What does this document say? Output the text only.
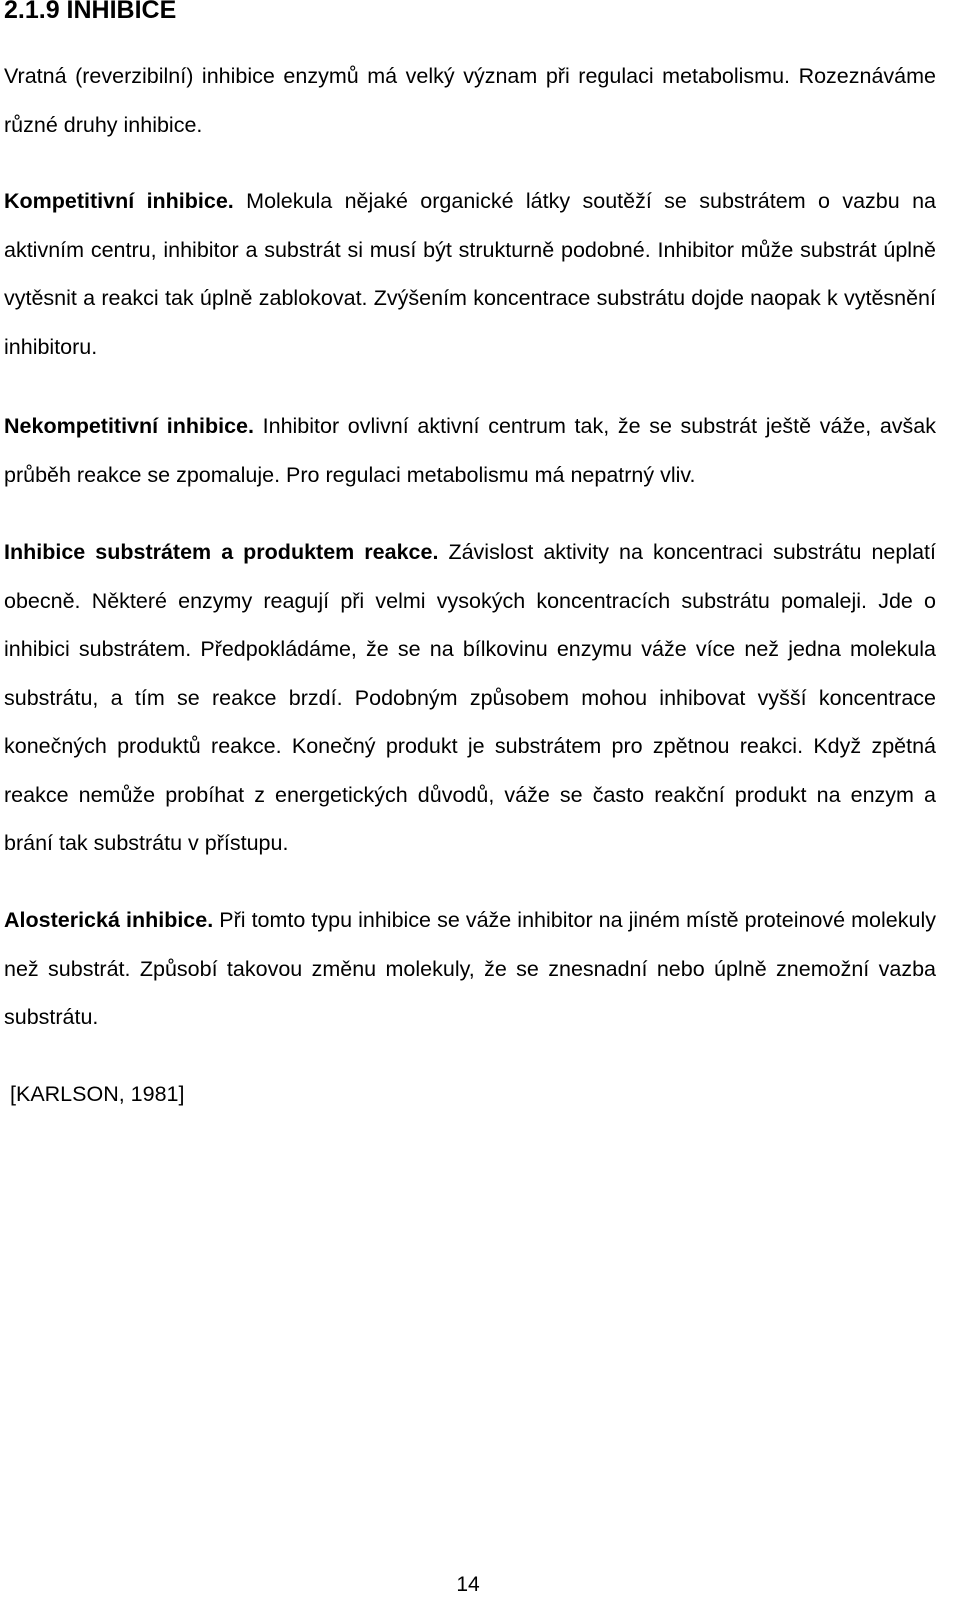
2.1.9 INHIBICE

Vratná (reverzibilní) inhibice enzymů má velký význam při regulaci metabolismu. Rozeznáváme různé druhy inhibice.

Kompetitivní inhibice. Molekula nějaké organické látky soutěží se substrátem o vazbu na aktivním centru, inhibitor a substrát si musí být strukturně podobné. Inhibitor může substrát úplně vytěsnit a reakci tak úplně zablokovat. Zvýšením koncentrace substrátu dojde naopak k vytěsnění inhibitoru.

Nekompetitivní inhibice. Inhibitor ovlivní aktivní centrum tak, že se substrát ještě váže, avšak průběh reakce se zpomaluje. Pro regulaci metabolismu má nepatrný vliv.

Inhibice substrátem a produktem reakce. Závislost aktivity na koncentraci substrátu neplatí obecně. Některé enzymy reagují při velmi vysokých koncentracích substrátu pomaleji. Jde o inhibici substrátem. Předpokládáme, že se na bílkovinu enzymu váže více než jedna molekula substrátu, a tím se reakce brzdí. Podobným způsobem mohou inhibovat vyšší koncentrace konečných produktů reakce. Konečný produkt je substrátem pro zpětnou reakci. Když zpětná reakce nemůže probíhat z energetických důvodů, váže se často reakční produkt na enzym a brání tak substrátu v přístupu.

Alosterická inhibice. Při tomto typu inhibice se váže inhibitor na jiném místě proteinové molekuly než substrát. Způsobí takovou změnu molekuly, že se znesnadní nebo úplně znemožní vazba substrátu.

[KARLSON, 1981]

14
